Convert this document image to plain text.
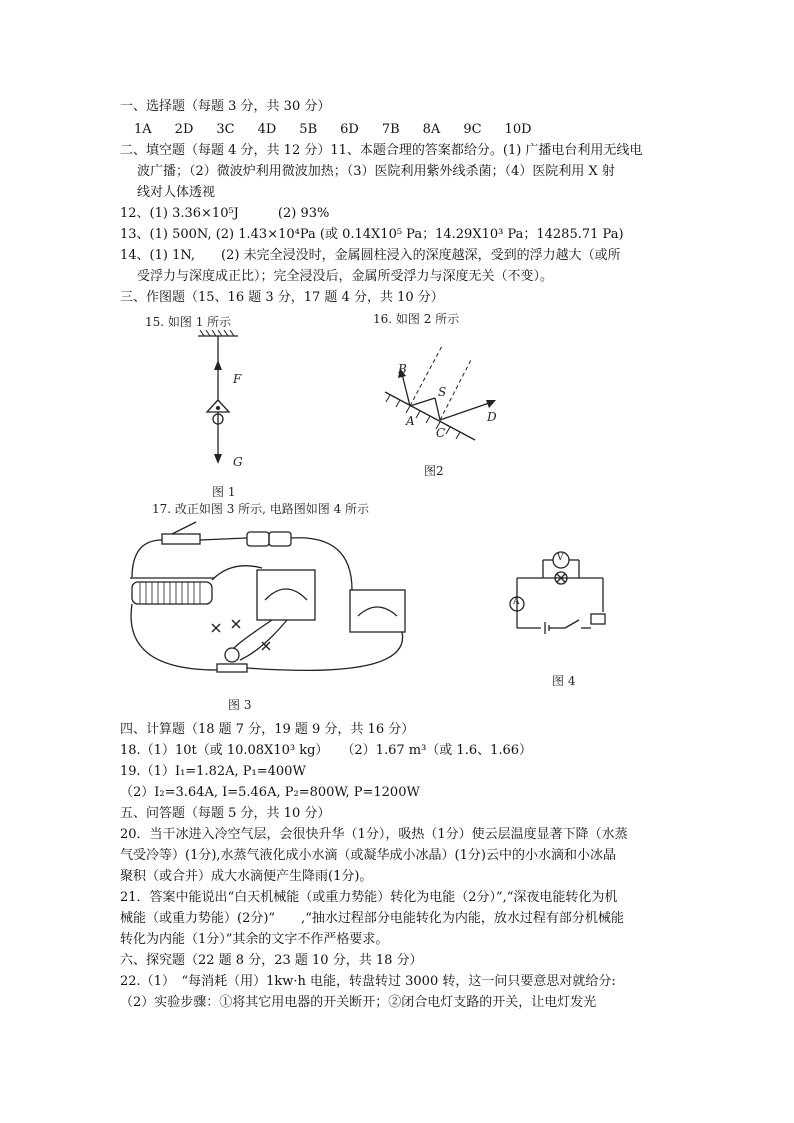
一、选择题（每题 3 分，共 30 分）
1A 2D 3C 4D 5B 6D 7B 8A 9C 10D
二、填空题（每题 4 分，共 12 分）11、本题合理的答案都给分。(1) 广播电台利用无线电
波广播；（2）微波炉利用微波加热；（3）医院利用紫外线杀菌；（4）医院利用 X 射
线对人体透视
12、(1) 3.36×10⁵J　　　(2) 93%
13、(1) 500N, (2) 1.43×10⁴Pa (或 0.14X10⁵ Pa；14.29X10³ Pa；14285.71 Pa)
14、(1) 1N,　　(2) 未完全浸没时，金属圆柱浸入的深度越深，受到的浮力越大（或所
受浮力与深度成正比）；完全浸没后，金属所受浮力与深度无关（不变）。
三、作图题（15、16 题 3 分，17 题 4 分，共 10 分）
15. 如图 1 所示	16. 如图 2 所示
F
G
图 1
B
A
C
D
S
图2
17. 改正如图 3 所示, 电路图如图 4 所示
图 3
V
A
图 4
四、计算题（18 题 7 分，19 题 9 分，共 16 分）
18.（1）10t（或 10.08X10³ kg）　　（2）1.67 m³（或 1.6、1.66）
19.（1）I₁=1.82A, P₁=400W
（2）I₂=3.64A, I=5.46A, P₂=800W, P=1200W
五、问答题（每题 5 分，共 10 分）
20．当干冰进入冷空气层，会很快升华（1分），吸热（1分）使云层温度显著下降（水蒸
气受冷等）(1分),水蒸气液化成小水滴（或凝华成小冰晶）(1分)云中的小水滴和小冰晶
聚积（或合并）成大水滴便产生降雨(1分)。
21．答案中能说出“白天机械能（或重力势能）转化为电能（2分）”,“深夜电能转化为机
械能（或重力势能）(2分)”　　,“抽水过程部分电能转化为内能，放水过程有部分机械能
转化为内能（1分）”其余的文字不作严格要求。
六、探究题（22 题 8 分，23 题 10 分，共 18 分）
22.（1）　“每消耗（用）1kw·h 电能，转盘转过 3000 转，这一问只要意思对就给分:
（2）实验步骤：①将其它用电器的开关断开；②闭合电灯支路的开关，让电灯发光
